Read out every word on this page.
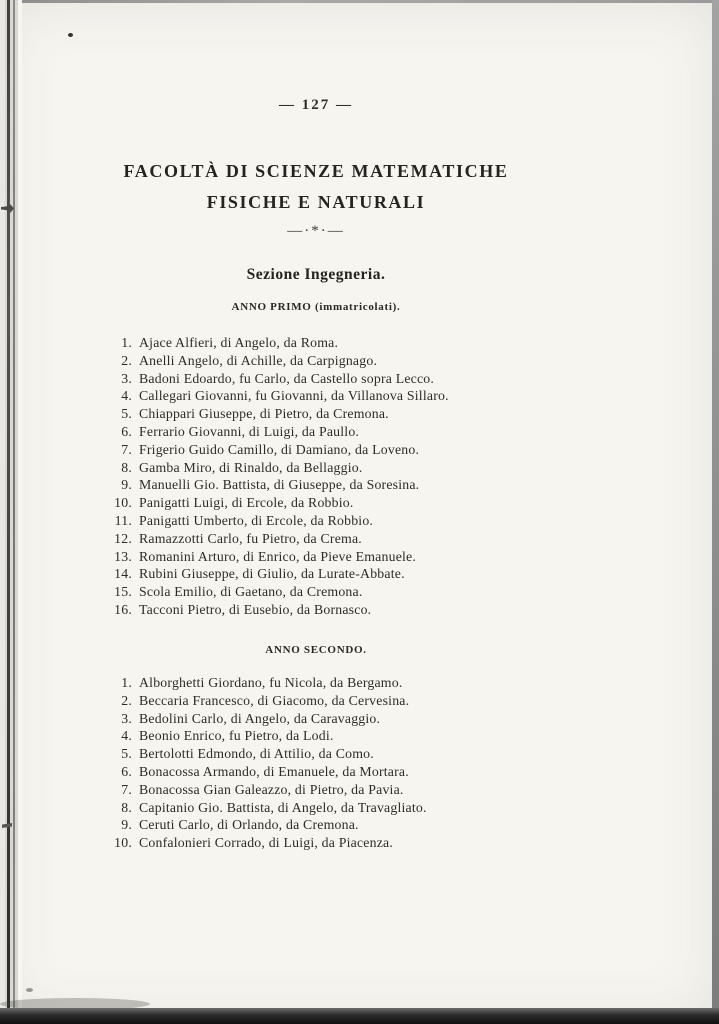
— 127 —
FACOLTÀ DI SCIENZE MATEMATICHE
FISICHE E NATURALI
—·*·—
Sezione Ingegneria.
ANNO PRIMO (immatricolati).
1. Ajace Alfieri, di Angelo, da Roma.
2. Anelli Angelo, di Achille, da Carpignago.
3. Badoni Edoardo, fu Carlo, da Castello sopra Lecco.
4. Callegari Giovanni, fu Giovanni, da Villanova Sillaro.
5. Chiappari Giuseppe, di Pietro, da Cremona.
6. Ferrario Giovanni, di Luigi, da Paullo.
7. Frigerio Guido Camillo, di Damiano, da Loveno.
8. Gamba Miro, di Rinaldo, da Bellaggio.
9. Manuelli Gio. Battista, di Giuseppe, da Soresina.
10. Panigatti Luigi, di Ercole, da Robbio.
11. Panigatti Umberto, di Ercole, da Robbio.
12. Ramazzotti Carlo, fu Pietro, da Crema.
13. Romanini Arturo, di Enrico, da Pieve Emanuele.
14. Rubini Giuseppe, di Giulio, da Lurate-Abbate.
15. Scola Emilio, di Gaetano, da Cremona.
16. Tacconi Pietro, di Eusebio, da Bornasco.
ANNO SECONDO.
1. Alborghetti Giordano, fu Nicola, da Bergamo.
2. Beccaria Francesco, di Giacomo, da Cervesina.
3. Bedolini Carlo, di Angelo, da Caravaggio.
4. Beonio Enrico, fu Pietro, da Lodi.
5. Bertolotti Edmondo, di Attilio, da Como.
6. Bonacossa Armando, di Emanuele, da Mortara.
7. Bonacossa Gian Galeazzo, di Pietro, da Pavia.
8. Capitanio Gio. Battista, di Angelo, da Travagliato.
9. Ceruti Carlo, di Orlando, da Cremona.
10. Confalonieri Corrado, di Luigi, da Piacenza.
